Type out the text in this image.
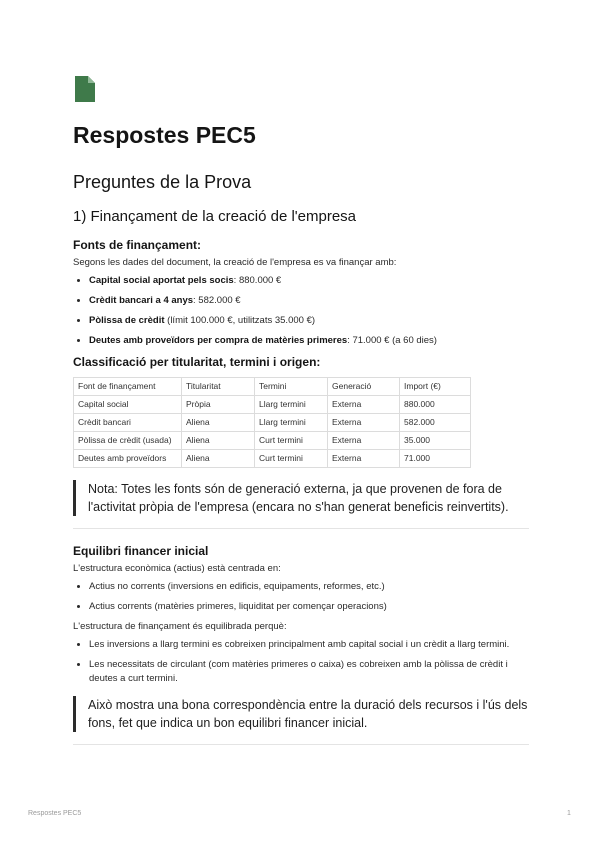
Respostes PEC5
Preguntes de la Prova
1) Finançament de la creació de l'empresa
Fonts de finançament:

Segons les dades del document, la creació de l'empresa es va finançar amb:

• Capital social aportat pels socis: 880.000 €
• Crèdit bancari a 4 anys: 582.000 €
• Pòlissa de crèdit (límit 100.000 €, utilitzats 35.000 €)
• Deutes amb proveïdors per compra de matèries primeres: 71.000 € (a 60 dies)
Classificació per titularitat, termini i origen:
Font de finançament	Titularitat	Termini	Generació	Import (€)
Capital social	Pròpia	Llarg termini	Externa	880.000
Crèdit bancari	Aliena	Llarg termini	Externa	582.000
Pòlissa de crèdit (usada)	Aliena	Curt termini	Externa	35.000
Deutes amb proveïdors	Aliena	Curt termini	Externa	71.000
Nota: Totes les fonts són de generació externa, ja que provenen de fora de l'activitat pròpia de l'empresa (encara no s'han generat beneficis reinvertits).
Equilibri financer inicial

L'estructura econòmica (actius) està centrada en:

• Actius no corrents (inversions en edificis, equipaments, reformes, etc.)
• Actius corrents (matèries primeres, liquiditat per començar operacions)

L'estructura de finançament és equilibrada perquè:

• Les inversions a llarg termini es cobreixen principalment amb capital social i un crèdit a llarg termini.
• Les necessitats de circulant (com matèries primeres o caixa) es cobreixen amb la pòlissa de crèdit i deutes a curt termini.
Això mostra una bona correspondència entre la duració dels recursos i l'ús dels fons, fet que indica un bon equilibri financer inicial.
Respostes PEC5	1
